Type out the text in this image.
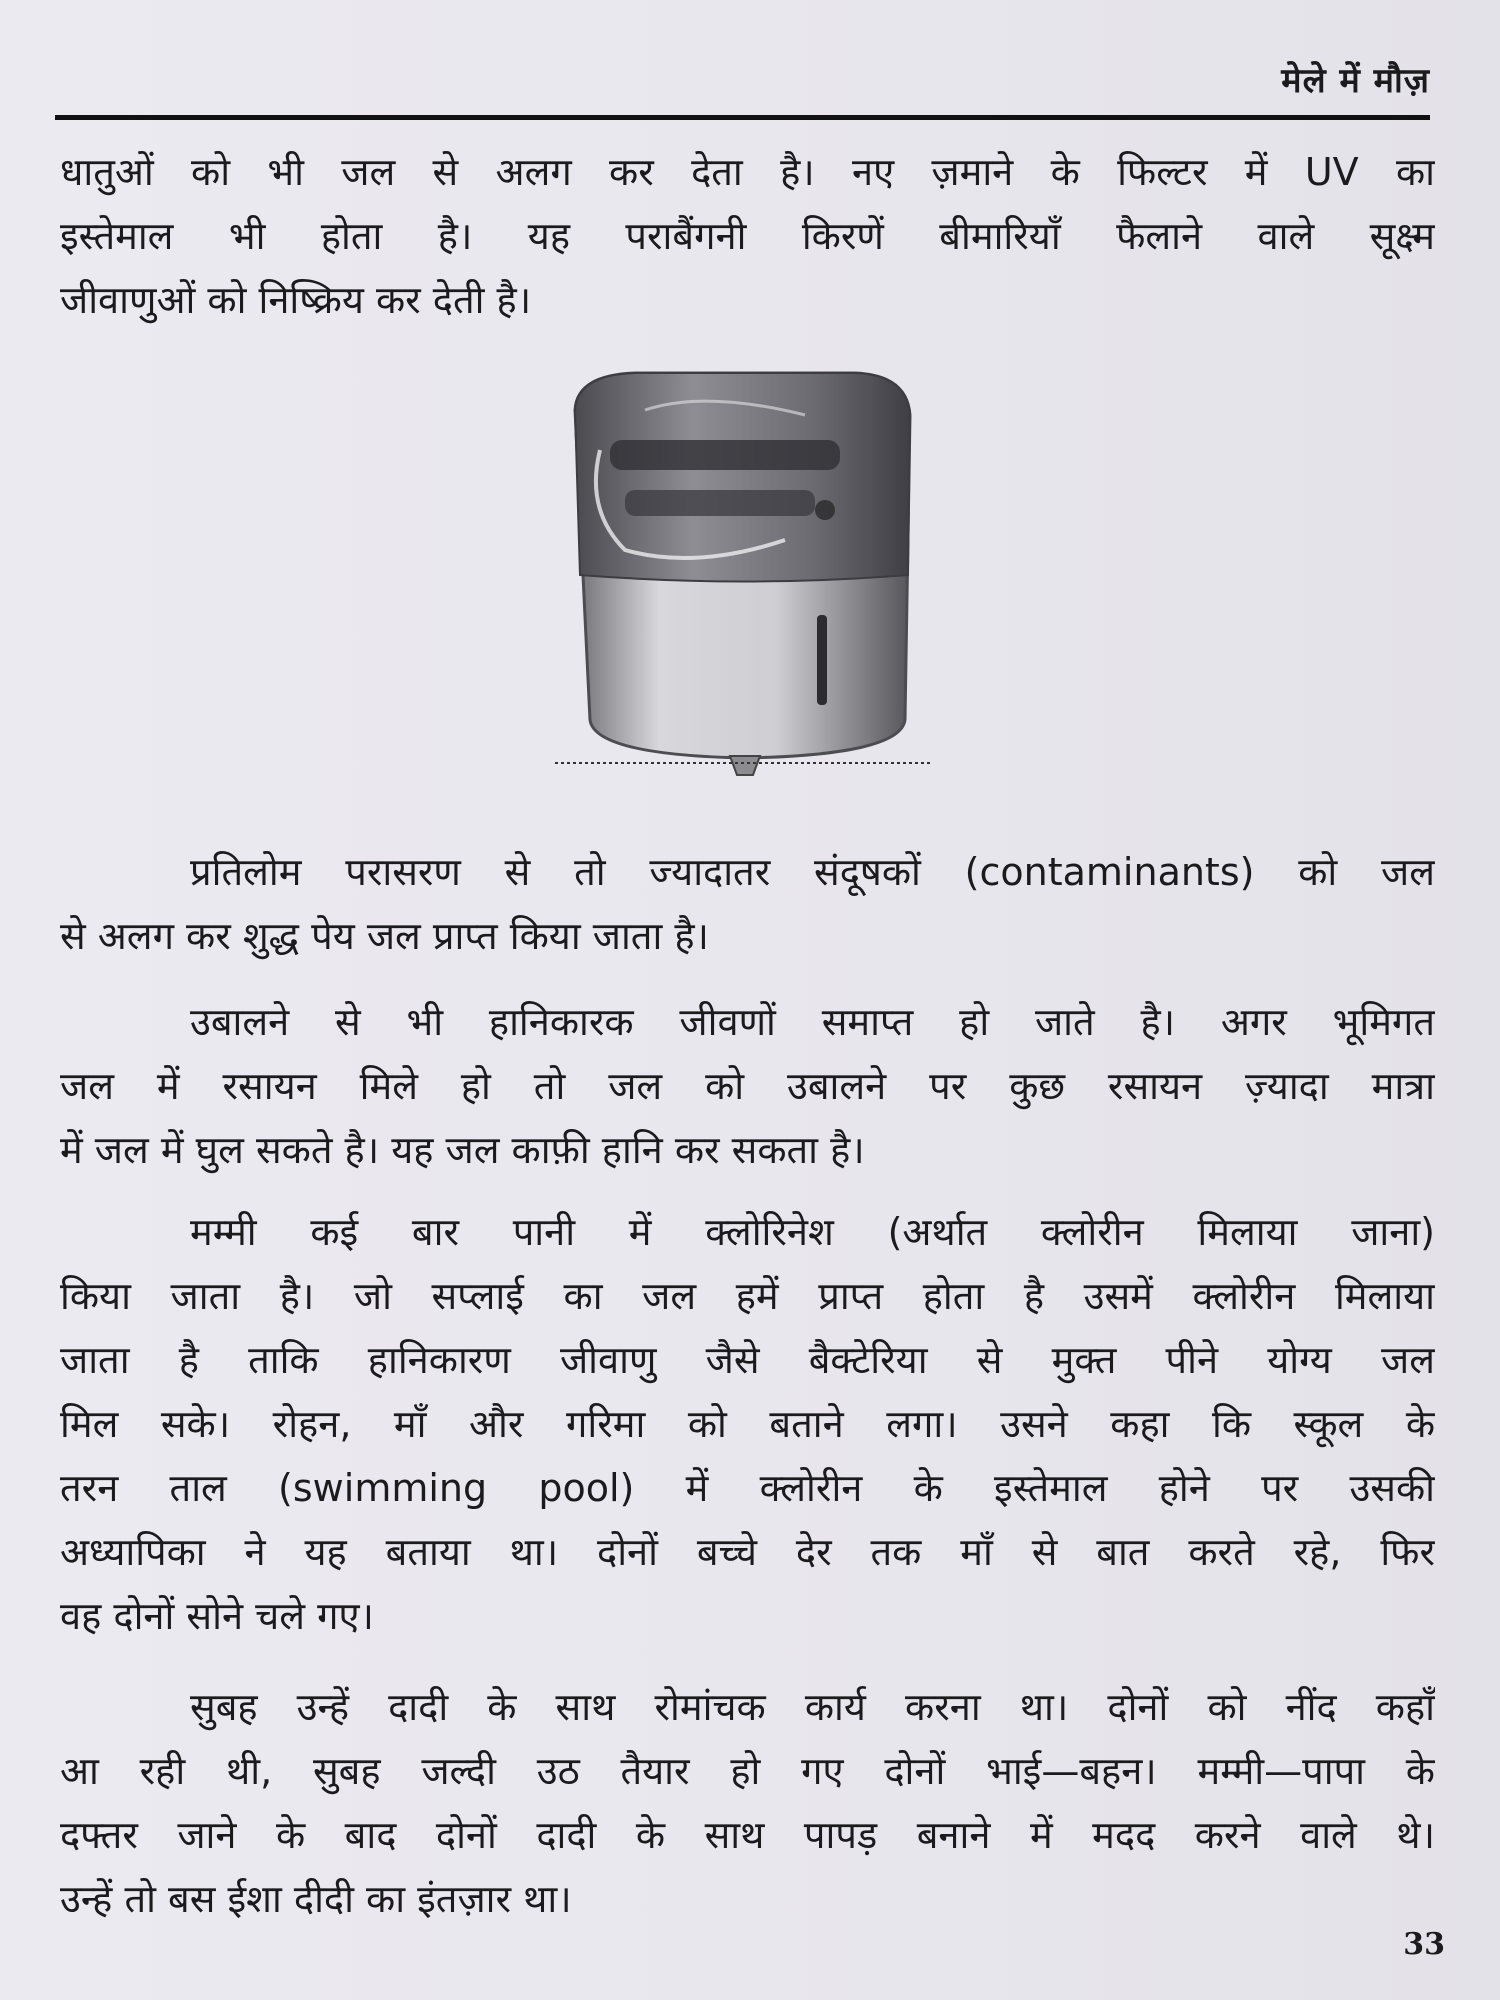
मेले में मौज़
धातुओं को भी जल से अलग कर देता है। नए ज़माने के फिल्टर में UV का
इस्तेमाल भी होता है। यह पराबैंगनी किरणें बीमारियाँ फैलाने वाले सूक्ष्म
जीवाणुओं को निष्क्रिय कर देती है।
प्रतिलोम परासरण से तो ज्यादातर संदूषकों (contaminants) को जल
से अलग कर शुद्ध पेय जल प्राप्त किया जाता है।
उबालने से भी हानिकारक जीवणों समाप्त हो जाते है। अगर भूमिगत
जल में रसायन मिले हो तो जल को उबालने पर कुछ रसायन ज़्यादा मात्रा
में जल में घुल सकते है। यह जल काफ़ी हानि कर सकता है।
मम्मी कई बार पानी में क्लोरिनेश (अर्थात क्लोरीन मिलाया जाना)
किया जाता है। जो सप्लाई का जल हमें प्राप्त होता है उसमें क्लोरीन मिलाया
जाता है ताकि हानिकारण जीवाणु जैसे बैक्टेरिया से मुक्त पीने योग्य जल
मिल सके। रोहन, माँ और गरिमा को बताने लगा। उसने कहा कि स्कूल के
तरन ताल (swimming pool) में क्लोरीन के इस्तेमाल होने पर उसकी
अध्यापिका ने यह बताया था। दोनों बच्चे देर तक माँ से बात करते रहे, फिर
वह दोनों सोने चले गए।
सुबह उन्हें दादी के साथ रोमांचक कार्य करना था। दोनों को नींद कहाँ
आ रही थी, सुबह जल्दी उठ तैयार हो गए दोनों भाई—बहन। मम्मी—पापा के
दफ्तर जाने के बाद दोनों दादी के साथ पापड़ बनाने में मदद करने वाले थे।
उन्हें तो बस ईशा दीदी का इंतज़ार था।
33
